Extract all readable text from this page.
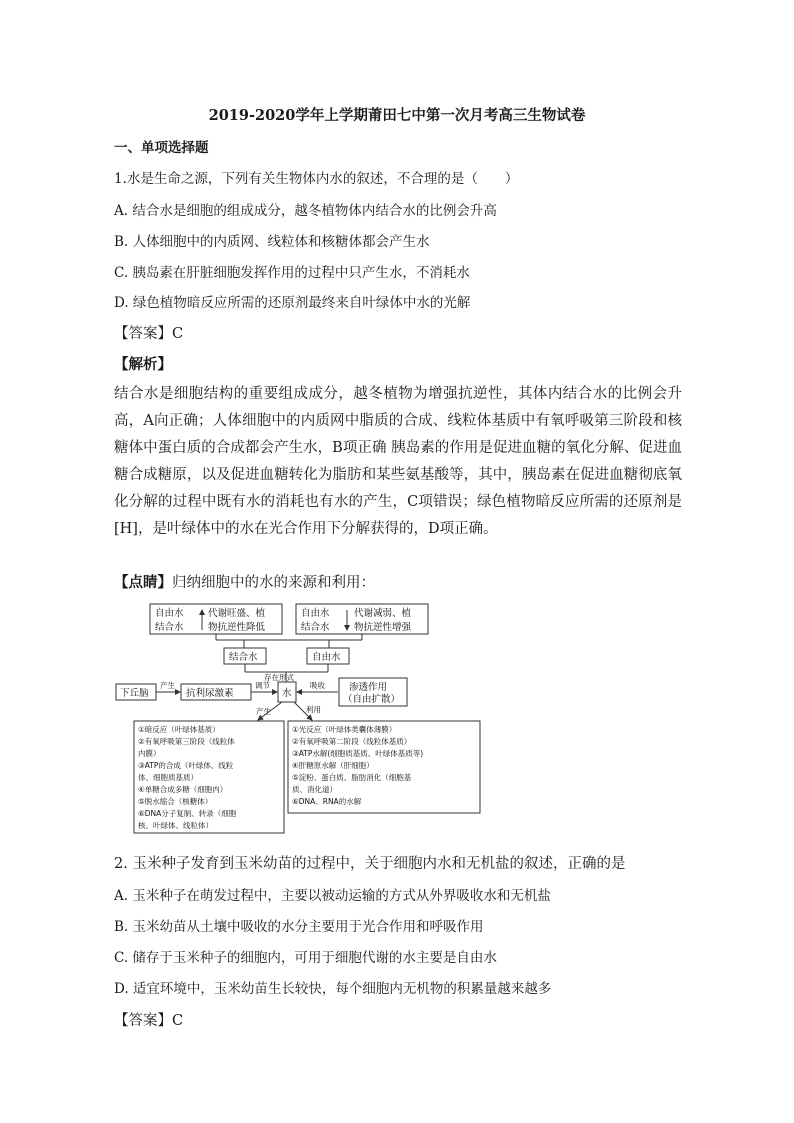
2019-2020学年上学期莆田七中第一次月考高三生物试卷
一、单项选择题
1.水是生命之源，下列有关生物体内水的叙述，不合理的是（　　）
A. 结合水是细胞的组成成分，越冬植物体内结合水的比例会升高
B. 人体细胞中的内质网、线粒体和核糖体都会产生水
C. 胰岛素在肝脏细胞发挥作用的过程中只产生水，不消耗水
D. 绿色植物暗反应所需的还原剂最终来自叶绿体中水的光解
【答案】C
【解析】
结合水是细胞结构的重要组成成分，越冬植物为增强抗逆性，其体内结合水的比例会升高，A向正确；人体细胞中的内质网中脂质的合成、线粒体基质中有氧呼吸第三阶段和核糖体中蛋白质的合成都会产生水，B项正确 胰岛素的作用是促进血糖的氧化分解、促进血糖合成糖原，以及促进血糖转化为脂肪和某些氨基酸等，其中，胰岛素在促进血糖彻底氧化分解的过程中既有水的消耗也有水的产生，C项错误；绿色植物暗反应所需的还原剂是[H]，是叶绿体中的水在光合作用下分解获得的，D项正确。
【点睛】归纳细胞中的水的来源和利用：
自由水
结合水
代谢旺盛、植
物抗逆性降低
自由水
结合水
代谢减弱、植
物抗逆性增强
结合水	自由水
存在形式
下丘脑
产生
抗利尿激素
调节
水
吸收	渗透作用
（自由扩散）
产生	利用
①暗反应（叶绿体基质）
②有氧呼吸第三阶段（线粒体
内膜）
③ATP的合成（叶绿体、线粒
体、细胞质基质）
④单糖合成多糖（细胞内）
⑤脱水缩合（核糖体）
⑥DNA分子复制、转录（细胞
核、叶绿体、线粒体）
①光反应（叶绿体类囊体薄膜）
②有氧呼吸第二阶段（线粒体基质）
③ATP水解(细胞质基质、叶绿体基质等)
④肝糖原水解（肝细胞）
⑤淀粉、蛋白质、脂肪消化（细胞基
质、消化道）
⑥DNA、RNA的水解
2. 玉米种子发育到玉米幼苗的过程中，关于细胞内水和无机盐的叙述，正确的是
A. 玉米种子在萌发过程中，主要以被动运输的方式从外界吸收水和无机盐
B. 玉米幼苗从土壤中吸收的水分主要用于光合作用和呼吸作用
C. 储存于玉米种子的细胞内，可用于细胞代谢的水主要是自由水
D. 适宜环境中，玉米幼苗生长较快，每个细胞内无机物的积累量越来越多
【答案】C
